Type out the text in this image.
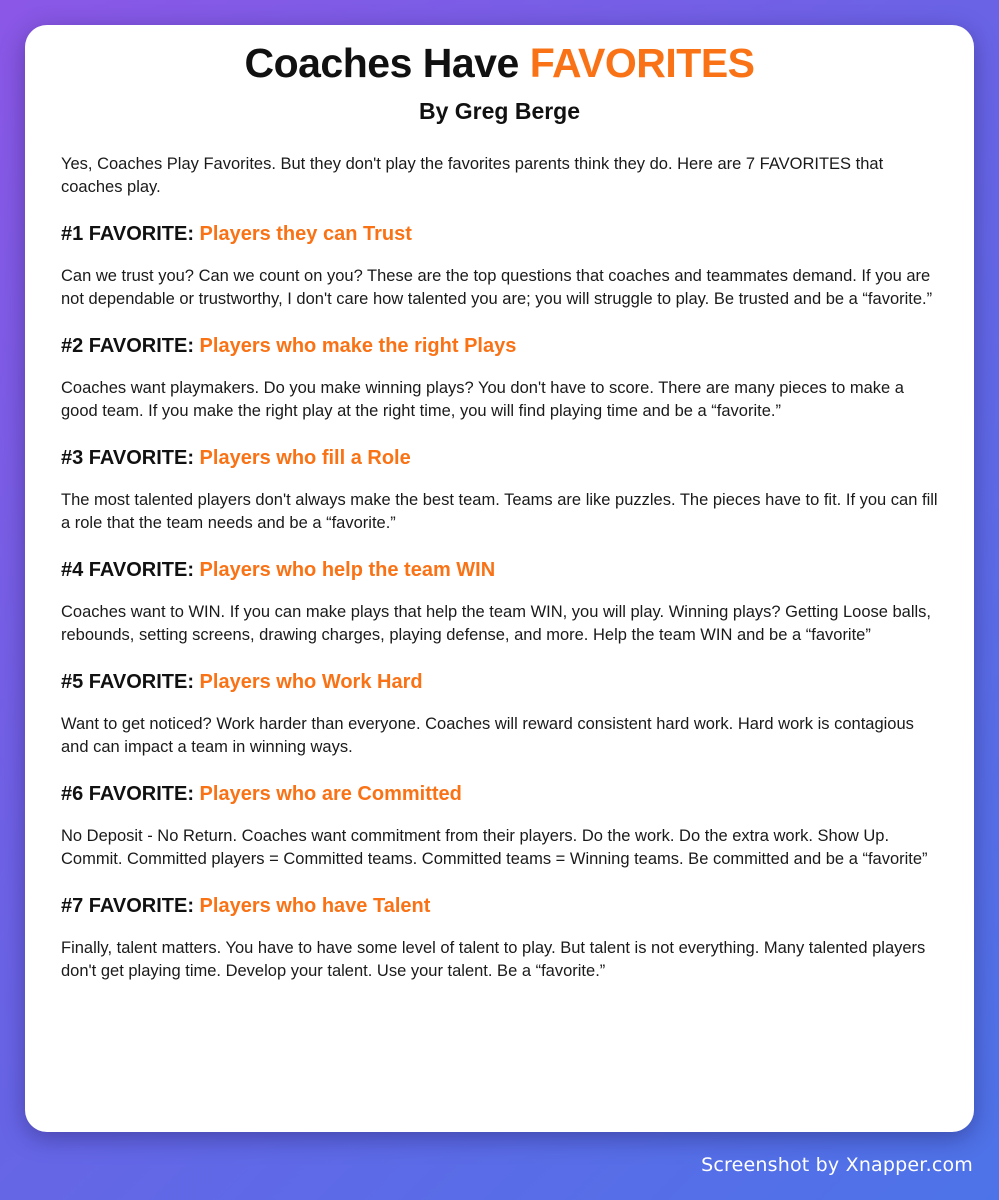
Coaches Have FAVORITES

By Greg Berge

Yes, Coaches Play Favorites. But they don't play the favorites parents think they do. Here are 7 FAVORITES that coaches play.

#1 FAVORITE: Players they can Trust

Can we trust you? Can we count on you? These are the top questions that coaches and teammates demand. If you are not dependable or trustworthy, I don't care how talented you are; you will struggle to play. Be trusted and be a “favorite.”

#2 FAVORITE: Players who make the right Plays

Coaches want playmakers. Do you make winning plays? You don't have to score. There are many pieces to make a good team. If you make the right play at the right time, you will find playing time and be a “favorite.”

#3 FAVORITE: Players who fill a Role

The most talented players don't always make the best team. Teams are like puzzles. The pieces have to fit. If you can fill a role that the team needs and be a “favorite.”

#4 FAVORITE: Players who help the team WIN

Coaches want to WIN. If you can make plays that help the team WIN, you will play. Winning plays? Getting Loose balls, rebounds, setting screens, drawing charges, playing defense, and more. Help the team WIN and be a “favorite”

#5 FAVORITE: Players who Work Hard

Want to get noticed? Work harder than everyone. Coaches will reward consistent hard work. Hard work is contagious and can impact a team in winning ways.

#6 FAVORITE: Players who are Committed

No Deposit - No Return. Coaches want commitment from their players. Do the work. Do the extra work. Show Up. Commit. Committed players = Committed teams. Committed teams = Winning teams. Be committed and be a “favorite”

#7 FAVORITE: Players who have Talent

Finally, talent matters. You have to have some level of talent to play. But talent is not everything. Many talented players don't get playing time. Develop your talent. Use your talent. Be a “favorite.”

Screenshot by Xnapper.com
